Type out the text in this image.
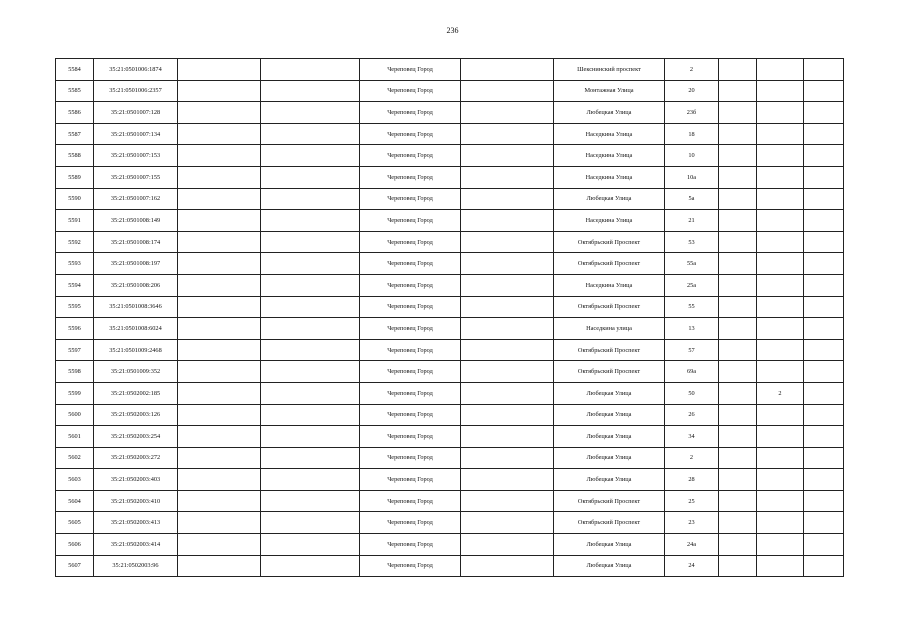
236
5584	35:21:0501006:1874			Череповец Город		Шекснинский проспект	2			
5585	35:21:0501006:2357			Череповец Город		Монтажная Улица	20			
5586	35:21:0501007:128			Череповец Город		Любецкая Улица	23б			
5587	35:21:0501007:134			Череповец Город		Наседкина Улица	18			
5588	35:21:0501007:153			Череповец Город		Наседкина Улица	10			
5589	35:21:0501007:155			Череповец Город		Наседкина Улица	10а			
5590	35:21:0501007:162			Череповец Город		Любецкая Улица	5а			
5591	35:21:0501008:149			Череповец Город		Наседкина Улица	21			
5592	35:21:0501008:174			Череповец Город		Октябрьский Проспект	53			
5593	35:21:0501008:197			Череповец Город		Октябрьский Проспект	55а			
5594	35:21:0501008:206			Череповец Город		Наседкина Улица	25а			
5595	35:21:0501008:3646			Череповец Город		Октябрьский Проспект	55			
5596	35:21:0501008:6024			Череповец Город		Наседкина улица	13			
5597	35:21:0501009:2468			Череповец Город		Октябрьский Проспект	57			
5598	35:21:0501009:352			Череповец Город		Октябрьский Проспект	69а			
5599	35:21:0502002:185			Череповец Город		Любецкая Улица	50		2	
5600	35:21:0502003:126			Череповец Город		Любецкая Улица	26			
5601	35:21:0502003:254			Череповец Город		Любецкая Улица	34			
5602	35:21:0502003:272			Череповец Город		Любецкая Улица	2			
5603	35:21:0502003:403			Череповец Город		Любецкая Улица	28			
5604	35:21:0502003:410			Череповец Город		Октябрьский Проспект	25			
5605	35:21:0502003:413			Череповец Город		Октябрьский Проспект	23			
5606	35:21:0502003:414			Череповец Город		Любецкая Улица	24а			
5607	35:21:0502003:96			Череповец Город		Любецкая Улица	24			
